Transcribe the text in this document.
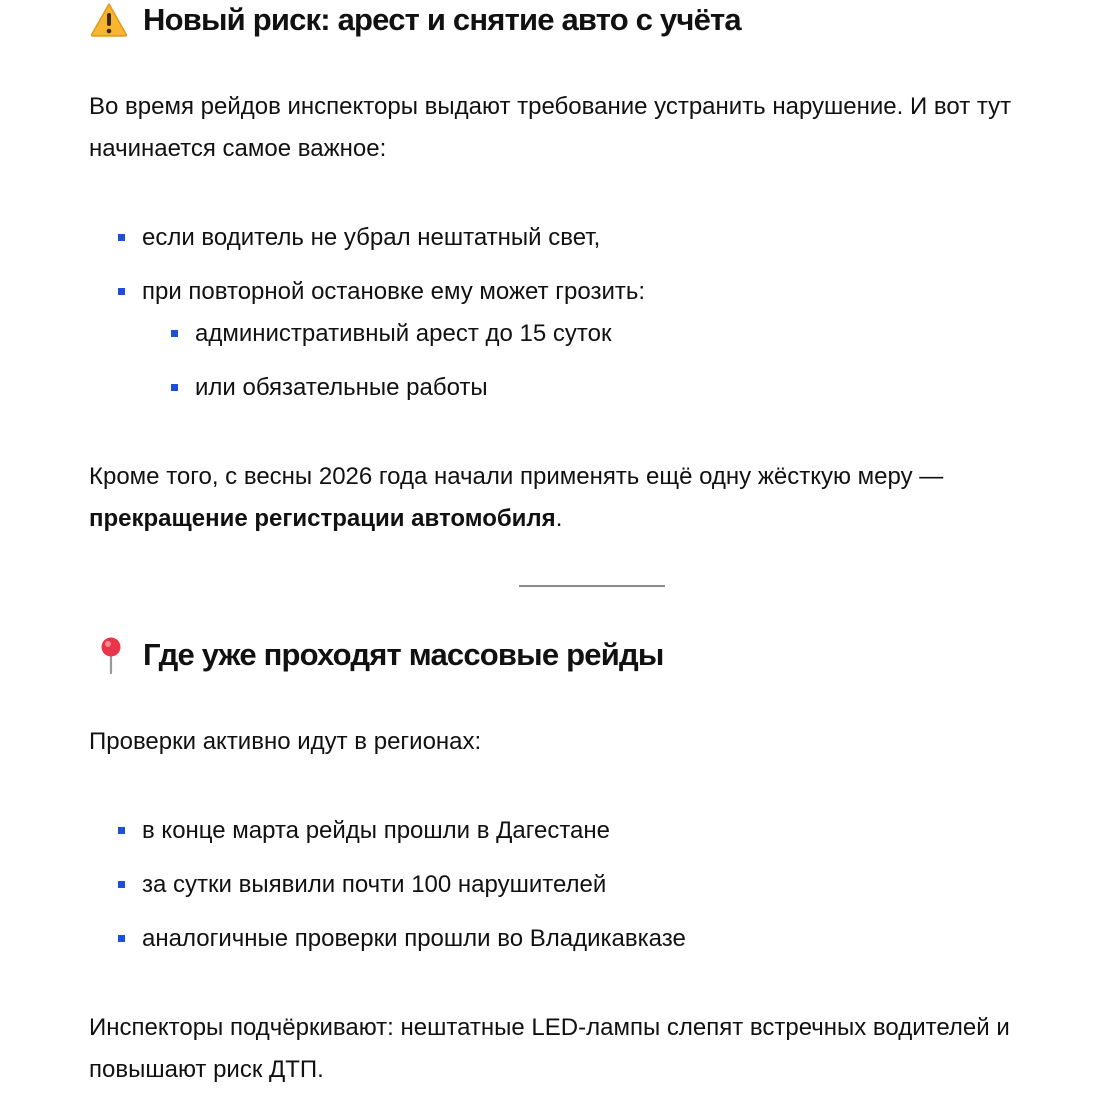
Новый риск: арест и снятие авто с учёта

Во время рейдов инспекторы выдают требование устранить нарушение. И вот тут начинается самое важное:

если водитель не убрал нештатный свет,
при повторной остановке ему может грозить:
административный арест до 15 суток
или обязательные работы

Кроме того, с весны 2026 года начали применять ещё одну жёсткую меру — прекращение регистрации автомобиля.

Где уже проходят массовые рейды

Проверки активно идут в регионах:

в конце марта рейды прошли в Дагестане
за сутки выявили почти 100 нарушителей
аналогичные проверки прошли во Владикавказе

Инспекторы подчёркивают: нештатные LED-лампы слепят встречных водителей и повышают риск ДТП.
